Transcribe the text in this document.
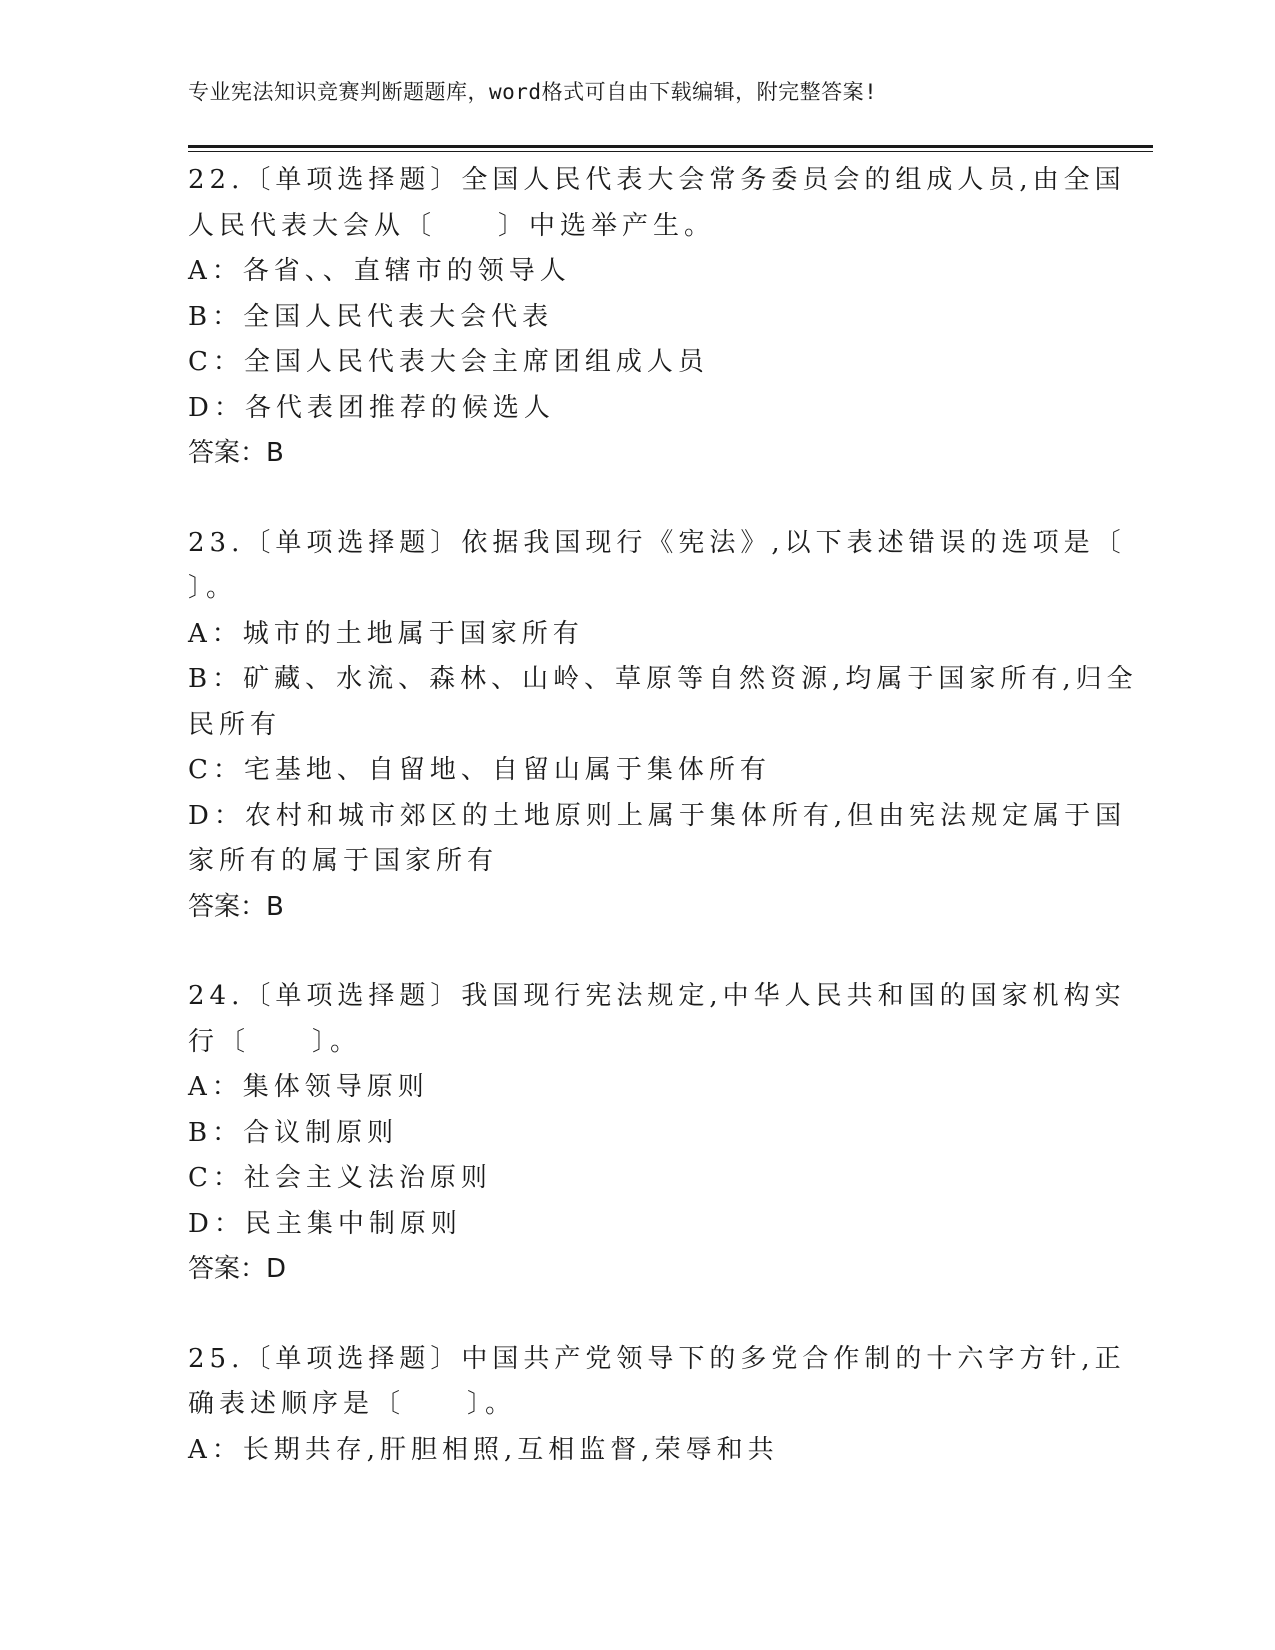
专业宪法知识竞赛判断题题库，word格式可自由下载编辑，附完整答案!
22.〔单项选择题〕全国人民代表大会常务委员会的组成人员,由全国
人民代表大会从〔　　〕中选举产生。
A：各省、、直辖市的领导人
B：全国人民代表大会代表
C：全国人民代表大会主席团组成人员
D：各代表团推荐的候选人
答案：B
23.〔单项选择题〕依据我国现行《宪法》,以下表述错误的选项是〔
〕。
A：城市的土地属于国家所有
B：矿藏、水流、森林、山岭、草原等自然资源,均属于国家所有,归全
民所有
C：宅基地、自留地、自留山属于集体所有
D：农村和城市郊区的土地原则上属于集体所有,但由宪法规定属于国
家所有的属于国家所有
答案：B
24.〔单项选择题〕我国现行宪法规定,中华人民共和国的国家机构实
行〔　　〕。
A：集体领导原则
B：合议制原则
C：社会主义法治原则
D：民主集中制原则
答案：D
25.〔单项选择题〕中国共产党领导下的多党合作制的十六字方针,正
确表述顺序是〔　　〕。
A：长期共存,肝胆相照,互相监督,荣辱和共
